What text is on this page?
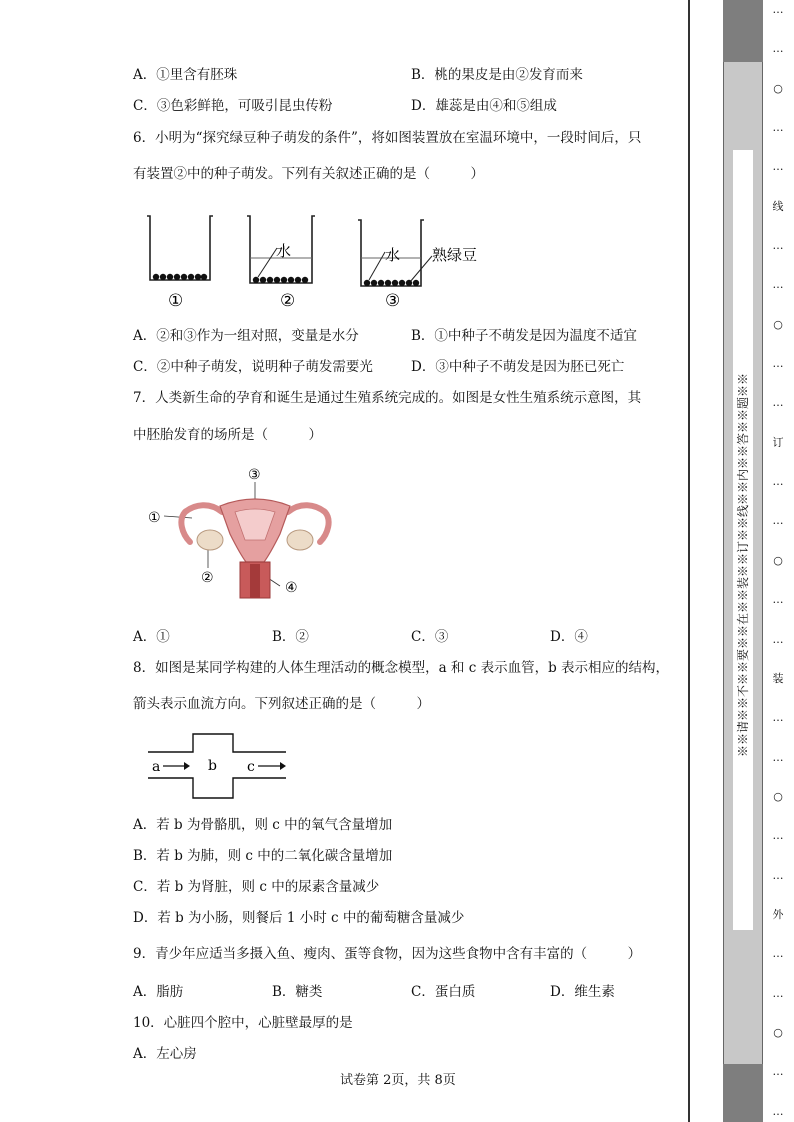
A．①里含有胚珠	B．桃的果皮是由②发育而来
C．③色彩鲜艳，可吸引昆虫传粉	D．雄蕊是由④和⑤组成
6．小明为“探究绿豆种子萌发的条件”，将如图装置放在室温环境中，一段时间后，只
有装置②中的种子萌发。下列有关叙述正确的是（　　　）
水	水 熟绿豆
①	②	③
A．②和③作为一组对照，变量是水分	B．①中种子不萌发是因为温度不适宜
C．②中种子萌发，说明种子萌发需要光	D．③中种子不萌发是因为胚已死亡
7．人类新生命的孕育和诞生是通过生殖系统完成的。如图是女性生殖系统示意图，其
中胚胎发育的场所是（　　　）
①
③
②
④
A．①	B．②	C．③	D．④
8．如图是某同学构建的人体生理活动的概念模型，a 和 c 表示血管，b 表示相应的结构，
箭头表示血流方向。下列叙述正确的是（　　　）
a	b c
A．若 b 为骨骼肌，则 c 中的氧气含量增加
B．若 b 为肺，则 c 中的二氧化碳含量增加
C．若 b 为肾脏，则 c 中的尿素含量减少
D．若 b 为小肠，则餐后 1 小时 c 中的葡萄糖含量减少
9．青少年应适当多摄入鱼、瘦肉、蛋等食物，因为这些食物中含有丰富的（　　　）
A．脂肪	B．糖类	C．蛋白质	D．维生素
10．心脏四个腔中，心脏壁最厚的是
A．左心房
试卷第 2页，共 8页
※※请※※不※※要※※在※※装※※订※※线※※内※※答※※题※※
…
…
○
…
…
线
…
…
○
…
…
订
…
…
○
…
…
装
…
…
○
…
…
外
…
…
○
…
…
